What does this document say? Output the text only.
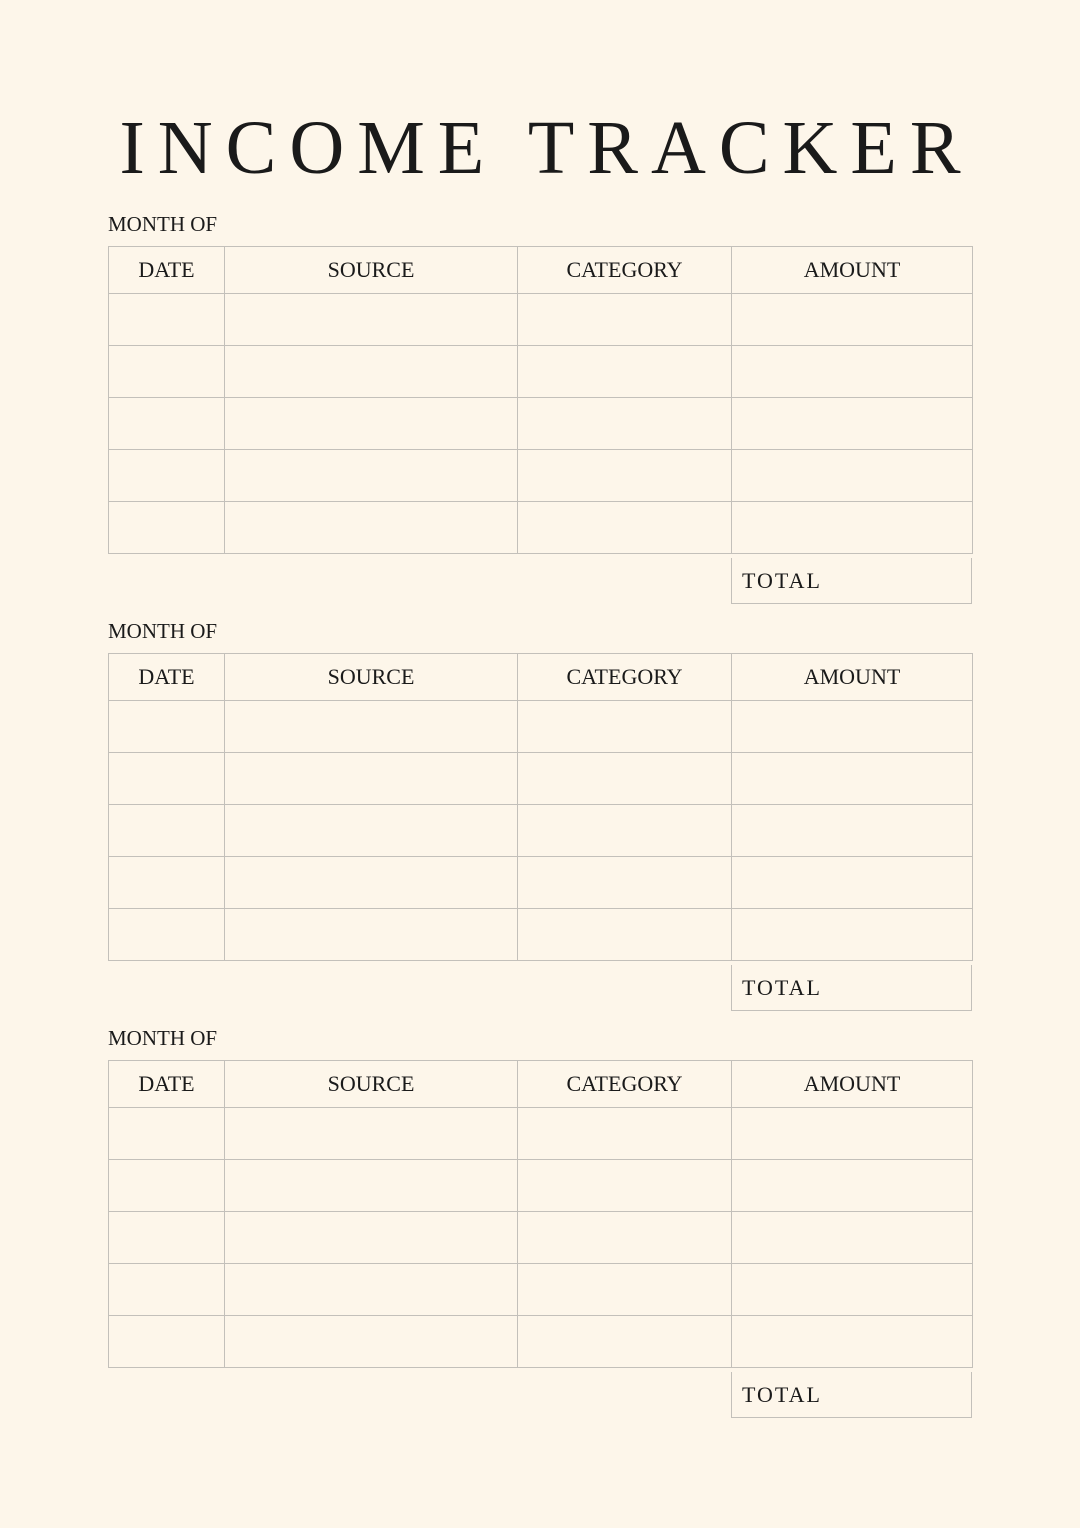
INCOME TRACKER
MONTH OF
DATE	SOURCE	CATEGORY	AMOUNT

TOTAL
MONTH OF
DATE	SOURCE	CATEGORY	AMOUNT

TOTAL
MONTH OF
DATE	SOURCE	CATEGORY	AMOUNT

TOTAL
